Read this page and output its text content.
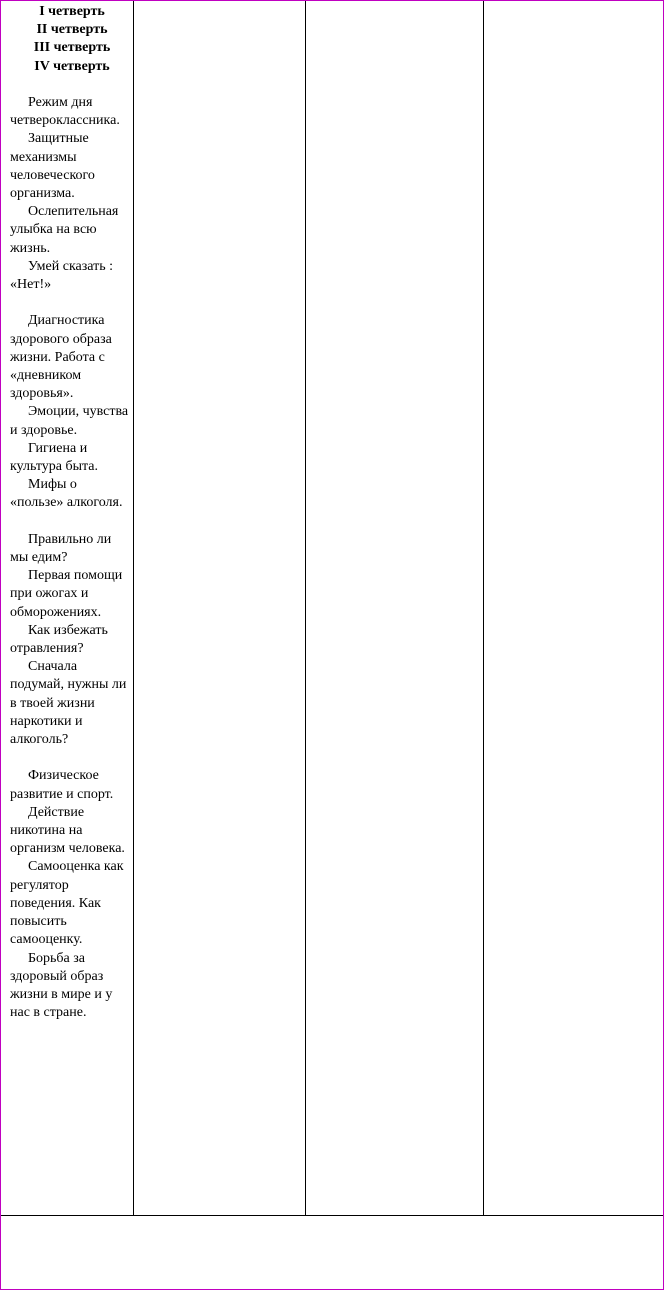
I четверть
II четверть
III четверть
IV четверть
Режим дня четвероклассника.
Защитные механизмы человеческого организма.
Ослепительная улыбка на всю жизнь.
Умей сказать : «Нет!»
Диагностика здорового образа жизни. Работа с «дневником здоровья».
Эмоции, чувства и здоровье.
Гигиена и культура быта.
Мифы о «пользе» алкоголя.
Правильно ли мы едим?
Первая помощи при ожогах и обморожениях.
Как избежать отравления?
Сначала подумай, нужны ли в твоей жизни наркотики и алкоголь?
Физическое развитие и спорт.
Действие никотина на организм человека.
Самооценка как регулятор поведения. Как повысить самооценку.
Борьба за здоровый образ жизни в мире и у нас в стране.
